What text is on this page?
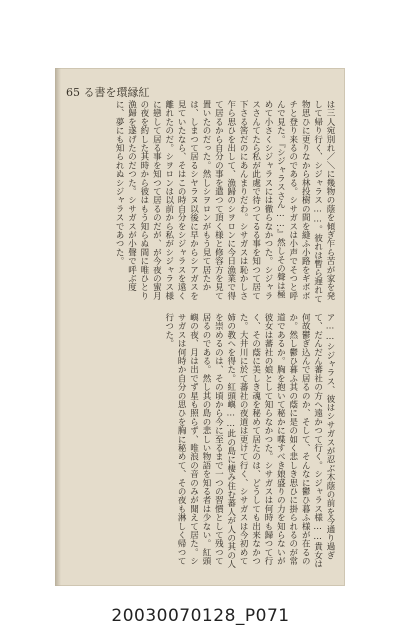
65 る書を環縁紅
は三人宛別れ／＼に幾物の蔭を傾ぎ乍ら苦が家を発して帰り行く、シジャラス……。彼れは暫ら遅れて物思ひに更りなから林投樹の間を縫ふ小路をギボボチと登り来るのである。シサガスは小声でそつと呼んで見た。『シジャラスさん……』然しその聲は極めて小さくシジャラスには徹らなかつた。シジャラスさんてたら私が此處で待つてるる事を知つて居て下さる筈だのにあんまりだわ。シサガスは恥かしさ乍ら思ひを出して、漁歸のシヲロンに今日漁業で得て居るから自分の事を遣つて頂く様と修容方を見て置いたのだった。然しシヲロンがもう見て居たかは、しまつて居るシヤラヌ以後に早からシアガスを見ていたなら、そはこの時自分をシジャラスを遠く離れたのだ。シヲロンは以前から私がシジャラス様に戀して居る事を知つて居るのだが、が今夜の蜜月の夜を約した其時から彼はもう知らぬ間に唯ひとり漁歸を遂げたのだつた。シサガスが小聲で呼ぶ度に、夢にも知られぬシジャラスであつた。
ア……シジャラス、彼はシサガスが忍ぶ木蔭の前を今通り過ぎて、だんだん蕃社の方へ遠かつて行く。シジャラス様……貴女は何故鬱ぎ込んで居るのか、そして、そんなに鬱ひ暮ふ様が在るのか。然し鬱ひ暮ふ其の蔭に是の如く悲しき思ひに掛られるのが常道であるか。胸を抱いて秘かに喋すべき娘盛りの力を知らないが彼女は蕃社の娘として知らなかつた。シサガスは何時も歸つて行く、その蔭に美しき魂を秘めて居たのは、どうしても出来なかつた。大井川に於て蕃社の夜道は更けて行く、シサガスは今初めて姉の教へを得た。紅頭嶼……此の島に棲み住む蕃人が人の其の人を崇めるのは、その頃から今に至るまで一つの習慣として残つて居るのである。然し其の島の悲しい物語を知る者は少ない。紅頭嶼の夜、月は出でず星も照らず、唯浪の音のみが聞えて居た。シサガスは何時か自分の思ひを胸に秘めて、その夜も淋しく帰つて行つた。
20030070128_P071
